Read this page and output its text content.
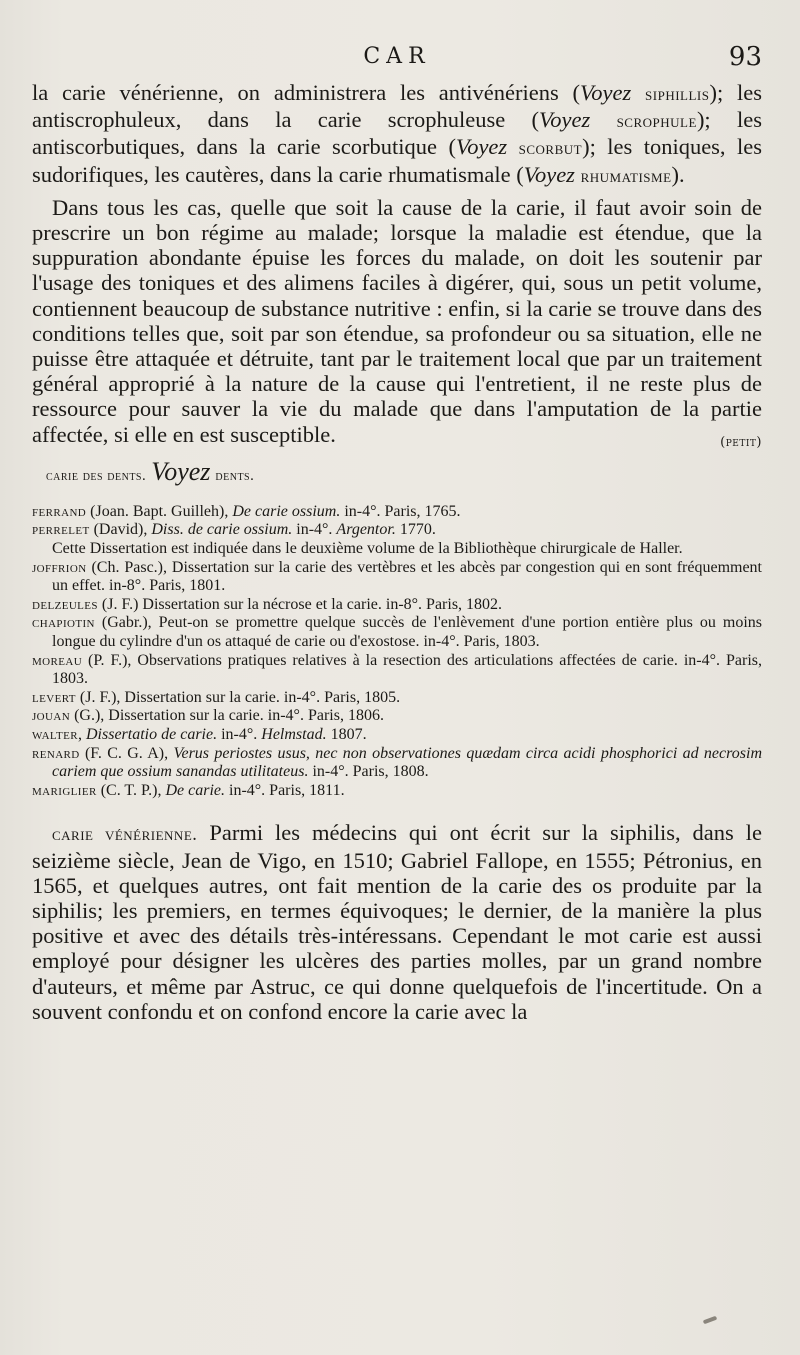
CAR	93

la carie vénérienne, on administrera les antivénériens (Voyez siphillis); les antiscrophuleux, dans la carie scrophuleuse (Voyez scrophule); les antiscorbutiques, dans la carie scorbutique (Voyez scorbut); les toniques, les sudorifiques, les cautères, dans la carie rhumatismale (Voyez rhumatisme).

Dans tous les cas, quelle que soit la cause de la carie, il faut avoir soin de prescrire un bon régime au malade; lorsque la maladie est étendue, que la suppuration abondante épuise les forces du malade, on doit les soutenir par l'usage des toniques et des alimens faciles à digérer, qui, sous un petit volume, contiennent beaucoup de substance nutritive : enfin, si la carie se trouve dans des conditions telles que, soit par son étendue, sa profondeur ou sa situation, elle ne puisse être attaquée et détruite, tant par le traitement local que par un traitement général approprié à la nature de la cause qui l'entretient, il ne reste plus de ressource pour sauver la vie du malade que dans l'amputation de la partie affectée, si elle en est susceptible.	(petit)
carie des dents. Voyez dents.
ferrand (Joan. Bapt. Guilleh), De carie ossium. in-4°. Paris, 1765.
perrelet (David), Diss. de carie ossium. in-4°. Argentor. 1770.
Cette Dissertation est indiquée dans le deuxième volume de la Bibliothèque chirurgicale de Haller.
joffrion (Ch. Pasc.), Dissertation sur la carie des vertèbres et les abcès par congestion qui en sont fréquemment un effet. in-8°. Paris, 1801.
delzeules (J. F.) Dissertation sur la nécrose et la carie. in-8°. Paris, 1802.
chapiotin (Gabr.), Peut-on se promettre quelque succès de l'enlèvement d'une portion entière plus ou moins longue du cylindre d'un os attaqué de carie ou d'exostose. in-4°. Paris, 1803.
moreau (P. F.), Observations pratiques relatives à la resection des articulations affectées de carie. in-4°. Paris, 1803.
levert (J. F.), Dissertation sur la carie. in-4°. Paris, 1805.
jouan (G.), Dissertation sur la carie. in-4°. Paris, 1806.
walter, Dissertatio de carie. in-4°. Helmstad. 1807.
renard (F. C. G. A), Verus periostes usus, nec non observationes quædam circa acidi phosphorici ad necrosim cariem que ossium sanandas utilitateus. in-4°. Paris, 1808.
mariglier (C. T. P.), De carie. in-4°. Paris, 1811.

carie vénérienne. Parmi les médecins qui ont écrit sur la siphilis, dans le seizième siècle, Jean de Vigo, en 1510; Gabriel Fallope, en 1555; Pétronius, en 1565, et quelques autres, ont fait mention de la carie des os produite par la siphilis; les premiers, en termes équivoques; le dernier, de la manière la plus positive et avec des détails très-intéressans. Cependant le mot carie est aussi employé pour désigner les ulcères des parties molles, par un grand nombre d'auteurs, et même par Astruc, ce qui donne quelquefois de l'incertitude. On a souvent confondu et on confond encore la carie avec la
